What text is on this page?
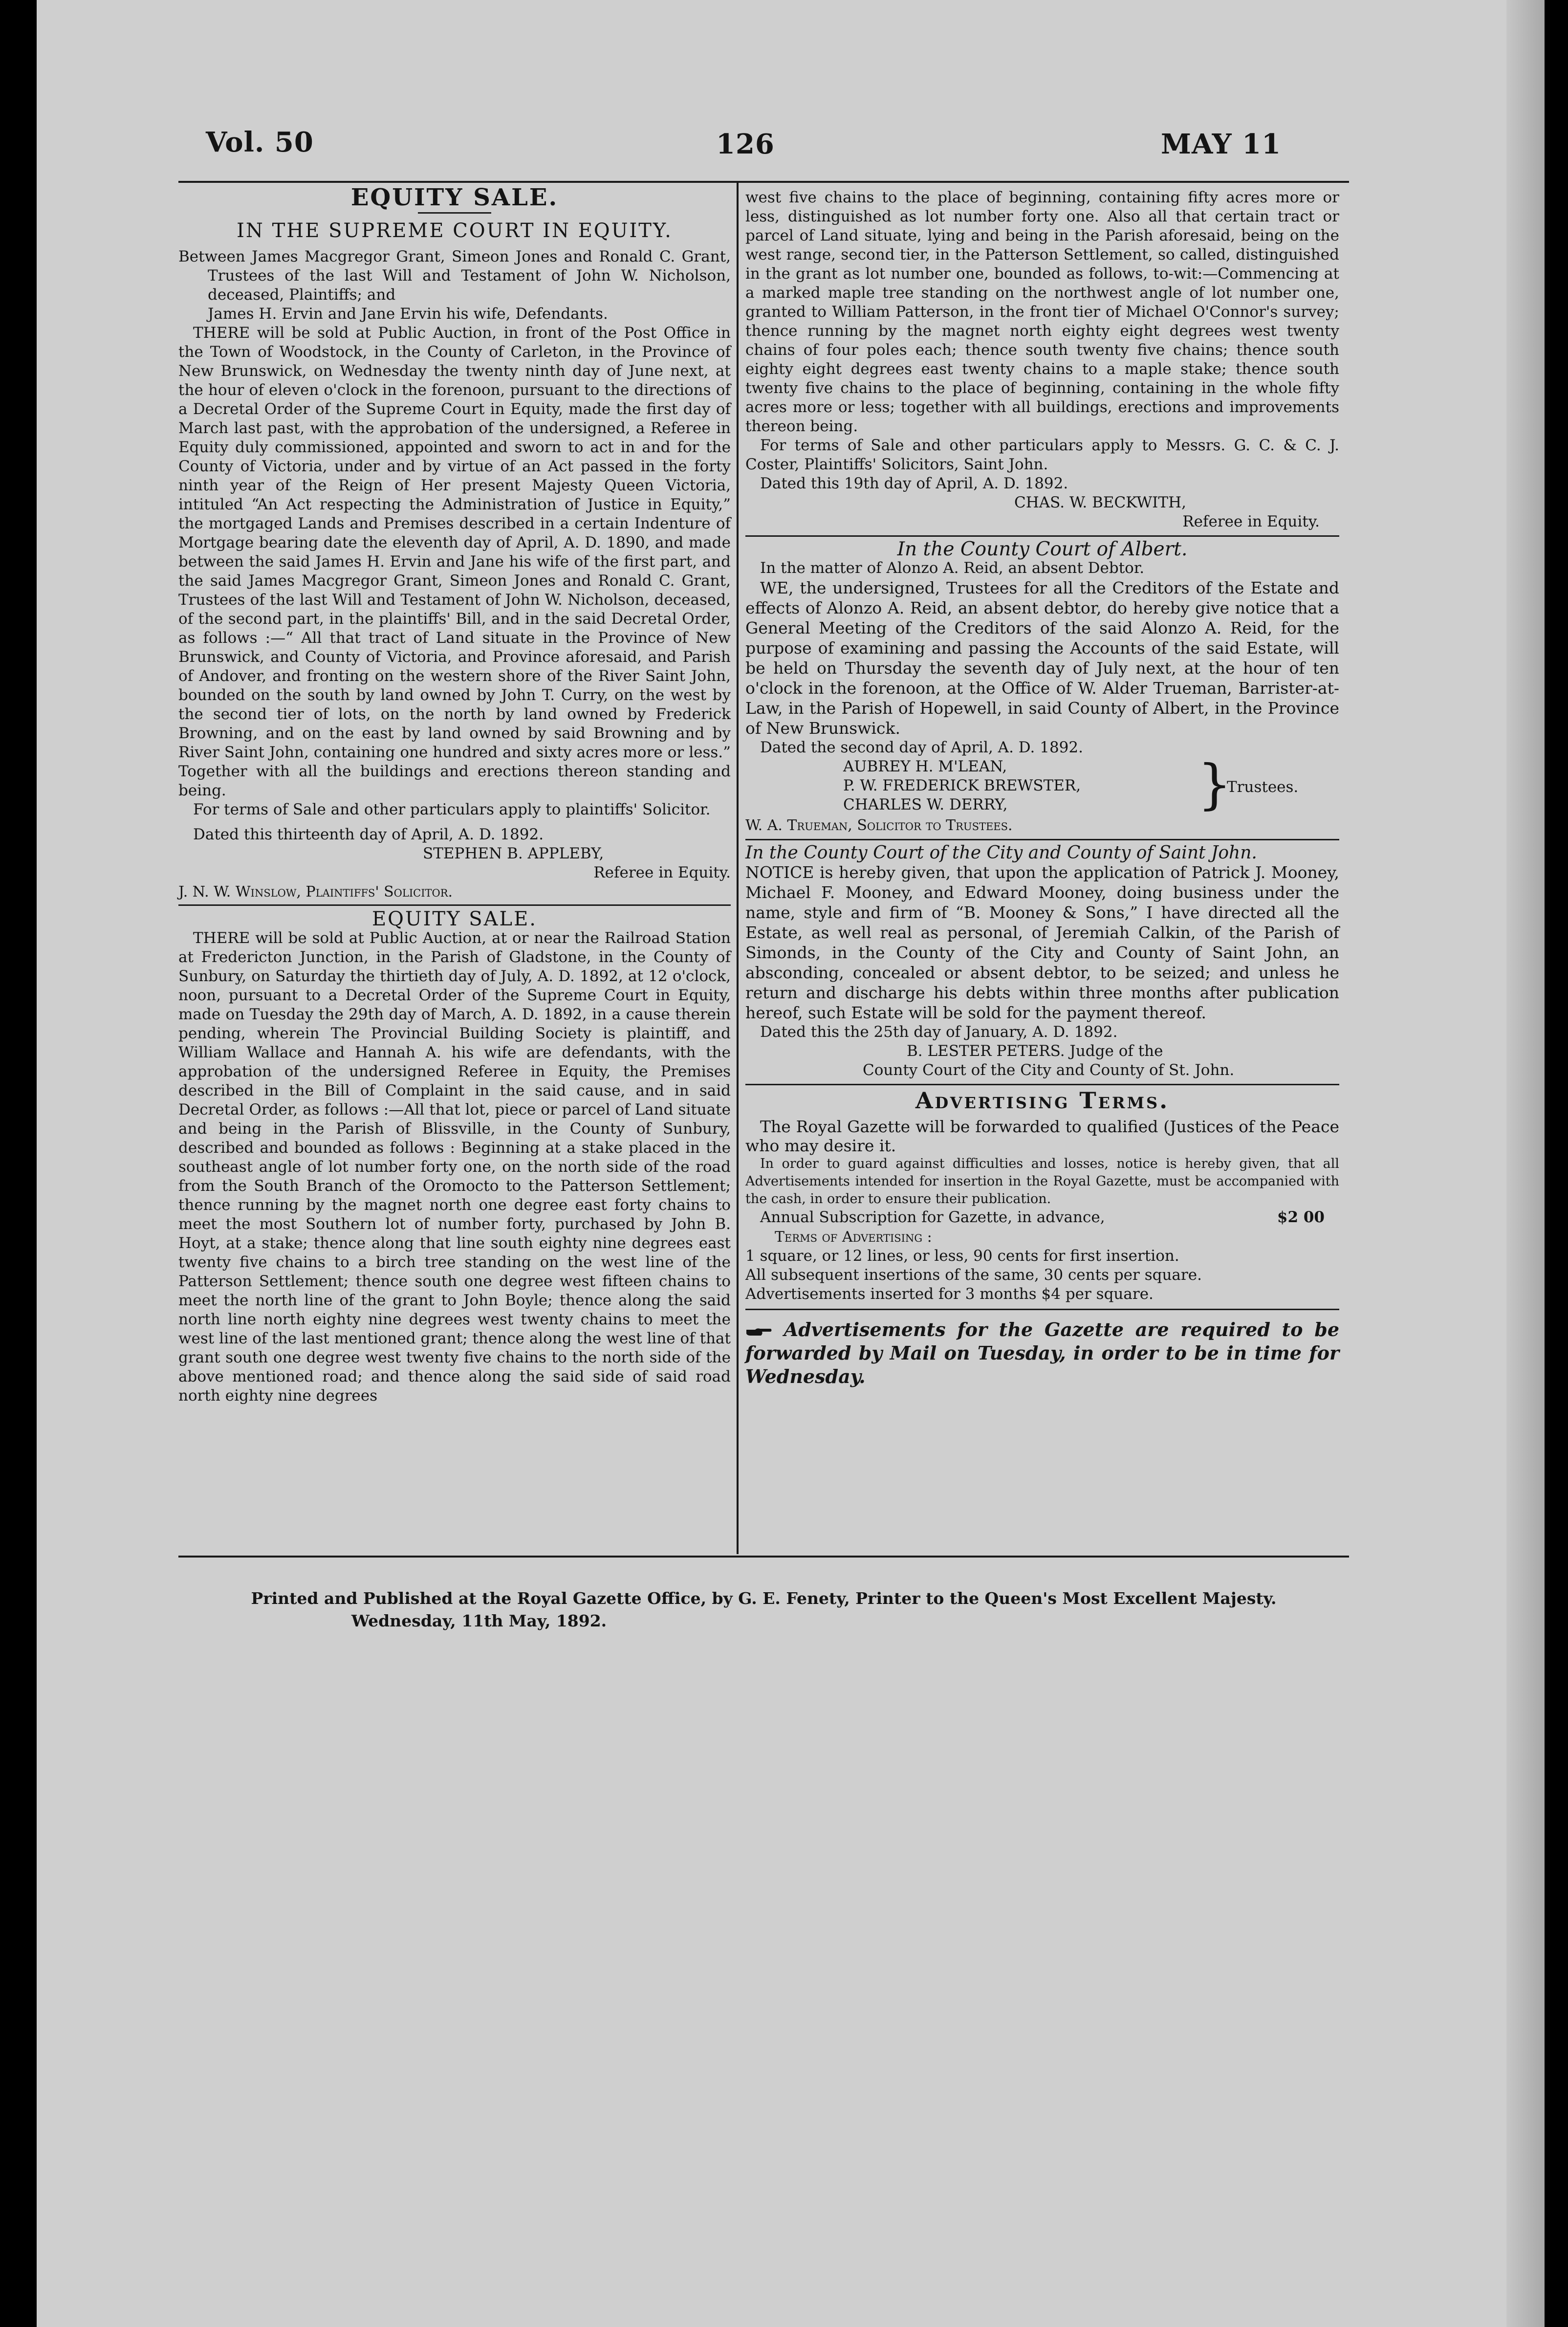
Vol. 50	126	MAY 11
EQUITY SALE.
IN THE SUPREME COURT IN EQUITY.

Between James Macgregor Grant, Simeon Jones and Ronald C. Grant, Trustees of the last Will and Testament of John W. Nicholson, deceased, Plaintiffs; and

James H. Ervin and Jane Ervin his wife, Defendants.

THERE will be sold at Public Auction, in front of the Post Office in the Town of Woodstock, in the County of Carleton, in the Province of New Brunswick, on Wednesday the twenty ninth day of June next, at the hour of eleven o'clock in the forenoon, pursuant to the directions of a Decretal Order of the Supreme Court in Equity, made the first day of March last past, with the approbation of the undersigned, a Referee in Equity duly commissioned, appointed and sworn to act in and for the County of Victoria, under and by virtue of an Act passed in the forty ninth year of the Reign of Her present Majesty Queen Victoria, intituled “An Act respecting the Administration of Justice in Equity,” the mortgaged Lands and Premises described in a certain Indenture of Mortgage bearing date the eleventh day of April, A. D. 1890, and made between the said James H. Ervin and Jane his wife of the first part, and the said James Macgregor Grant, Simeon Jones and Ronald C. Grant, Trustees of the last Will and Testament of John W. Nicholson, deceased, of the second part, in the plaintiffs' Bill, and in the said Decretal Order, as follows :—“ All that tract of Land situate in the Province of New Brunswick, and County of Victoria, and Province aforesaid, and Parish of Andover, and fronting on the western shore of the River Saint John, bounded on the south by land owned by John T. Curry, on the west by the second tier of lots, on the north by land owned by Frederick Browning, and on the east by land owned by said Browning and by River Saint John, containing one hundred and sixty acres more or less.” Together with all the buildings and erections thereon standing and being.

For terms of Sale and other particulars apply to plaintiffs' Solicitor.

Dated this thirteenth day of April, A. D. 1892.

STEPHEN B. APPLEBY,

Referee in Equity.

J. N. W. Winslow, Plaintiffs' Solicitor.

EQUITY SALE.

THERE will be sold at Public Auction, at or near the Railroad Station at Fredericton Junction, in the Parish of Gladstone, in the County of Sunbury, on Saturday the thirtieth day of July, A. D. 1892, at 12 o'clock, noon, pursuant to a Decretal Order of the Supreme Court in Equity, made on Tuesday the 29th day of March, A. D. 1892, in a cause therein pending, wherein The Provincial Building Society is plaintiff, and William Wallace and Hannah A. his wife are defendants, with the approbation of the undersigned Referee in Equity, the Premises described in the Bill of Complaint in the said cause, and in said Decretal Order, as follows :—All that lot, piece or parcel of Land situate and being in the Parish of Blissville, in the County of Sunbury, described and bounded as follows : Beginning at a stake placed in the southeast angle of lot number forty one, on the north side of the road from the South Branch of the Oromocto to the Patterson Settlement; thence running by the magnet north one degree east forty chains to meet the most Southern lot of number forty, purchased by John B. Hoyt, at a stake; thence along that line south eighty nine degrees east twenty five chains to a birch tree standing on the west line of the Patterson Settlement; thence south one degree west fifteen chains to meet the north line of the grant to John Boyle; thence along the said north line north eighty nine degrees west twenty chains to meet the west line of the last mentioned grant; thence along the west line of that grant south one degree west twenty five chains to the north side of the above mentioned road; and thence along the said side of said road north eighty nine degrees

west five chains to the place of beginning, containing fifty acres more or less, distinguished as lot number forty one. Also all that certain tract or parcel of Land situate, lying and being in the Parish aforesaid, being on the west range, second tier, in the Patterson Settlement, so called, distinguished in the grant as lot number one, bounded as follows, to-wit:—Commencing at a marked maple tree standing on the northwest angle of lot number one, granted to William Patterson, in the front tier of Michael O'Connor's survey; thence running by the magnet north eighty eight degrees west twenty chains of four poles each; thence south twenty five chains; thence south eighty eight degrees east twenty chains to a maple stake; thence south twenty five chains to the place of beginning, containing in the whole fifty acres more or less; together with all buildings, erections and improvements thereon being.

For terms of Sale and other particulars apply to Messrs. G. C. & C. J. Coster, Plaintiffs' Solicitors, Saint John.

Dated this 19th day of April, A. D. 1892.

CHAS. W. BECKWITH,

Referee in Equity.

In the County Court of Albert.

In the matter of Alonzo A. Reid, an absent Debtor.

WE, the undersigned, Trustees for all the Creditors of the Estate and effects of Alonzo A. Reid, an absent debtor, do hereby give notice that a General Meeting of the Creditors of the said Alonzo A. Reid, for the purpose of examining and passing the Accounts of the said Estate, will be held on Thursday the seventh day of July next, at the hour of ten o'clock in the forenoon, at the Office of W. Alder Trueman, Barrister-at-Law, in the Parish of Hopewell, in said County of Albert, in the Province of New Brunswick.

Dated the second day of April, A. D. 1892.

AUBREY H. M'LEAN,
P. W. FREDERICK BREWSTER,
CHARLES W. DERRY,	}
Trustees.

W. A. Trueman, Solicitor to Trustees.

In the County Court of the City and County of Saint John.

NOTICE is hereby given, that upon the application of Patrick J. Mooney, Michael F. Mooney, and Edward Mooney, doing business under the name, style and firm of “B. Mooney & Sons,” I have directed all the Estate, as well real as personal, of Jeremiah Calkin, of the Parish of Simonds, in the County of the City and County of Saint John, an absconding, concealed or absent debtor, to be seized; and unless he return and discharge his debts within three months after publication hereof, such Estate will be sold for the payment thereof.

Dated this the 25th day of January, A. D. 1892.

B. LESTER PETERS. Judge of the

County Court of the City and County of St. John.

Advertising Terms.

The Royal Gazette will be forwarded to qualified (Justices of the Peace who may desire it.

In order to guard against difficulties and losses, notice is hereby given, that all Advertisements intended for insertion in the Royal Gazette, must be accompanied with the cash, in order to ensure their publication.

Annual Subscription for Gazette, in advance,	$2 00

Terms of Advertising :

1 square, or 12 lines, or less, 90 cents for first insertion.

All subsequent insertions of the same, 30 cents per square.

Advertisements inserted for 3 months $4 per square.

Advertisements for the Gazette are required to be forwarded by Mail on Tuesday, in order to be in time for Wednesday.
Printed and Published at the Royal Gazette Office, by G. E. Fenety, Printer to the Queen's Most Excellent Majesty.
Wednesday, 11th May, 1892.
